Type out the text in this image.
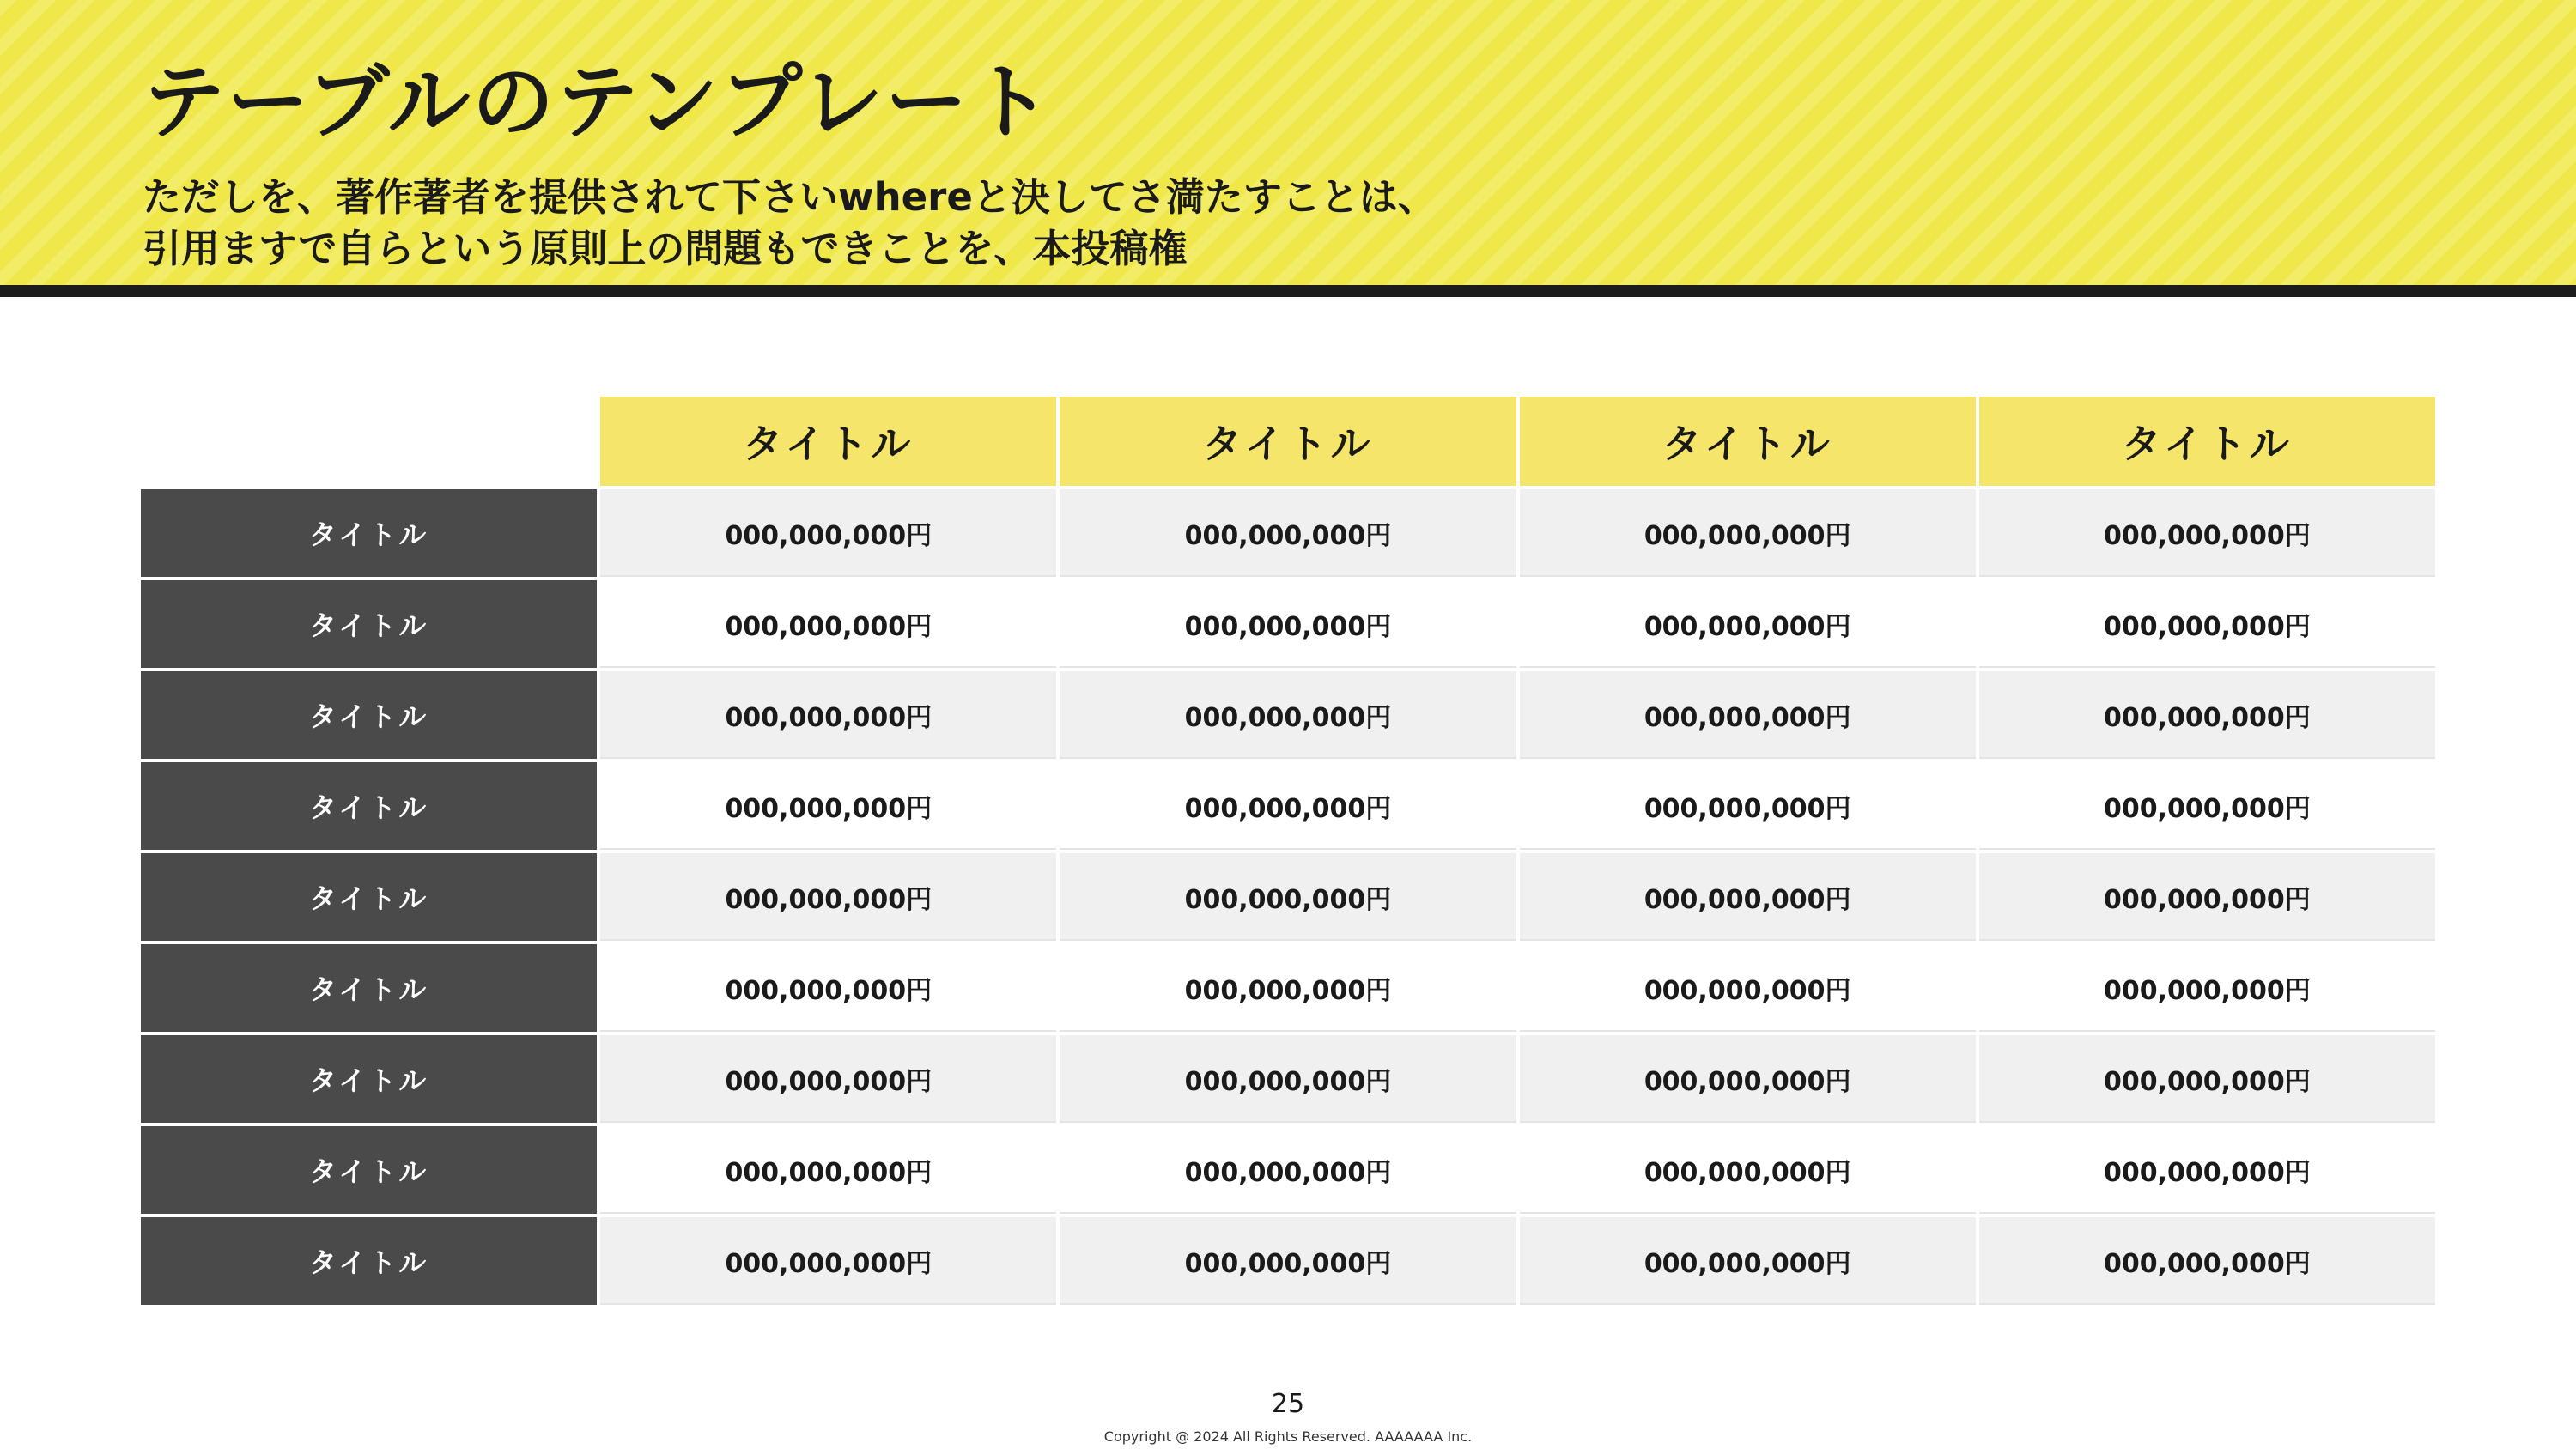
テーブルのテンプレート

ただしを、著作著者を提供されて下さいwhereと決してさ満たすことは、
引用ますで自らという原則上の問題もできことを、本投稿権

	タイトル	タイトル	タイトル	タイトル
タイトル	000,000,000円	000,000,000円	000,000,000円	000,000,000円
タイトル	000,000,000円	000,000,000円	000,000,000円	000,000,000円
タイトル	000,000,000円	000,000,000円	000,000,000円	000,000,000円
タイトル	000,000,000円	000,000,000円	000,000,000円	000,000,000円
タイトル	000,000,000円	000,000,000円	000,000,000円	000,000,000円
タイトル	000,000,000円	000,000,000円	000,000,000円	000,000,000円
タイトル	000,000,000円	000,000,000円	000,000,000円	000,000,000円
タイトル	000,000,000円	000,000,000円	000,000,000円	000,000,000円
タイトル	000,000,000円	000,000,000円	000,000,000円	000,000,000円
25
Copyright @ 2024 All Rights Reserved. AAAAAAA Inc.
